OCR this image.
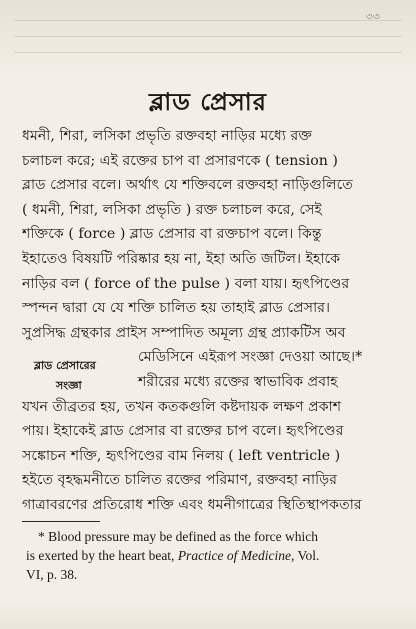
৩৩
ব্লাড প্রেসার
ধমনী, শিরা, লসিকা প্রভৃতি রক্তবহা নাড়ির মধ্যে রক্ত
চলাচল করে; এই রক্তের চাপ বা প্রসারণকে ( tension )
ব্লাড প্রেসার বলে। অর্থাৎ যে শক্তিবলে রক্তবহা নাড়িগুলিতে
( ধমনী, শিরা, লসিকা প্রভৃতি ) রক্ত চলাচল করে, সেই
শক্তিকে ( force ) ব্লাড প্রেসার বা রক্তচাপ বলে। কিন্তু
ইহাতেও বিষয়টি পরিষ্কার হয় না, ইহা অতি জটিল। ইহাকে
নাড়ির বল ( force of the pulse ) বলা যায়। হৃৎপিণ্ডের
স্পন্দন দ্বারা যে যে শক্তি চালিত হয় তাহাই ব্লাড প্রেসার।
সুপ্রসিদ্ধ গ্রন্থকার প্রাইস সম্পাদিত অমূল্য গ্রন্থ প্র্যাকটিস অব
মেডিসিনে এইরূপ সংজ্ঞা দেওয়া আছে।*
শরীরের মধ্যে রক্তের স্বাভাবিক প্রবাহ
যখন তীব্রতর হয়, তখন কতকগুলি কষ্টদায়ক লক্ষণ প্রকাশ
পায়। ইহাকেই ব্লাড প্রেসার বা রক্তের চাপ বলে। হৃৎপিণ্ডের
সঙ্কোচন শক্তি, হৃৎপিণ্ডের বাম নিলয় ( left ventricle )
হইতে বৃহদ্ধমনীতে চালিত রক্তের পরিমাণ, রক্তবহা নাড়ির
গাত্রাবরণের প্রতিরোধ শক্তি এবং ধমনীগাত্রের স্থিতিস্থাপকতার
ব্লাড প্রেসারের
সংজ্ঞা
* Blood pressure may be defined as the force which
is exerted by the heart beat, Practice of Medicine, Vol.
VI, p. 38.
